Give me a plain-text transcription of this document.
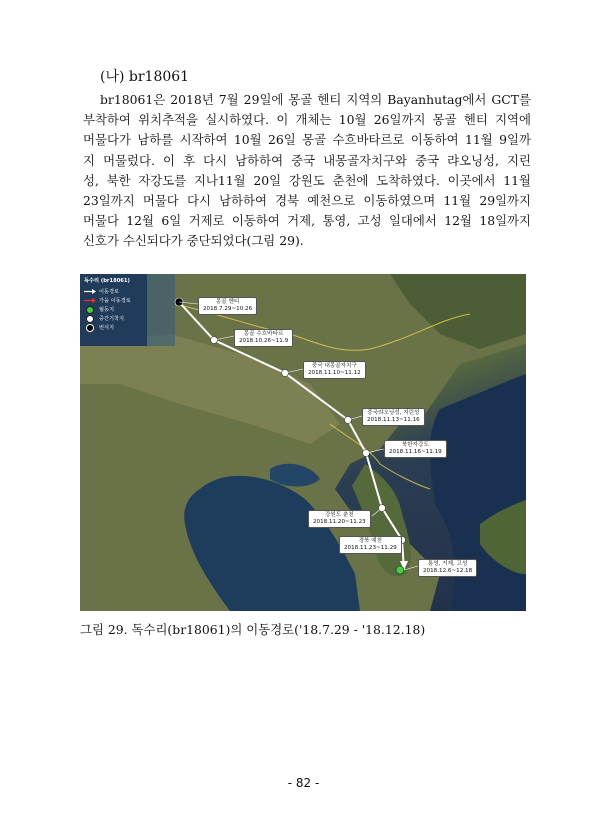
(나) br18061
br18061은 2018년 7월 29일에 몽골 헨티 지역의 Bayanhutag에서 GCT를
부착하여 위치추적을 실시하였다. 이 개체는 10월 26일까지 몽골 헨티 지역에
머물다가 남하를 시작하여 10월 26일 몽골 수흐바타르로 이동하여 11월 9일까
지 머물렀다. 이 후 다시 남하하여 중국 내몽골자치구와 중국 랴오닝성, 지린
성, 북한 자강도를 지나11월 20일 강원도 춘천에 도착하였다. 이곳에서 11월
23일까지 머물다 다시 남하하여 경북 예천으로 이동하였으며 11월 29일까지
머물다 12월 6일 거제로 이동하여 거제, 통영, 고성 일대에서 12월 18일까지
신호가 수신되다가 중단되었다(그림 29).
독수리 (br18061)
이동경로
가을 이동경로
월동지
중간기착지
번식지
몽골 헨티
2018.7.29~10.26
몽골 수흐바타르
2018.10.26~11.9
중국 내몽골자치구
2018.11.10~11.12
중국랴오닝성, 지린성
2018.11.13~11.16
북한자강도
2018.11.16~11.19
강원도 춘천
2018.11.20~11.23
경북 예천
2018.11.23~11.29
통영, 거제, 고성
2018.12.6~12.18
그림 29. 독수리(br18061)의 이동경로('18.7.29 - '18.12.18)
- 82 -
